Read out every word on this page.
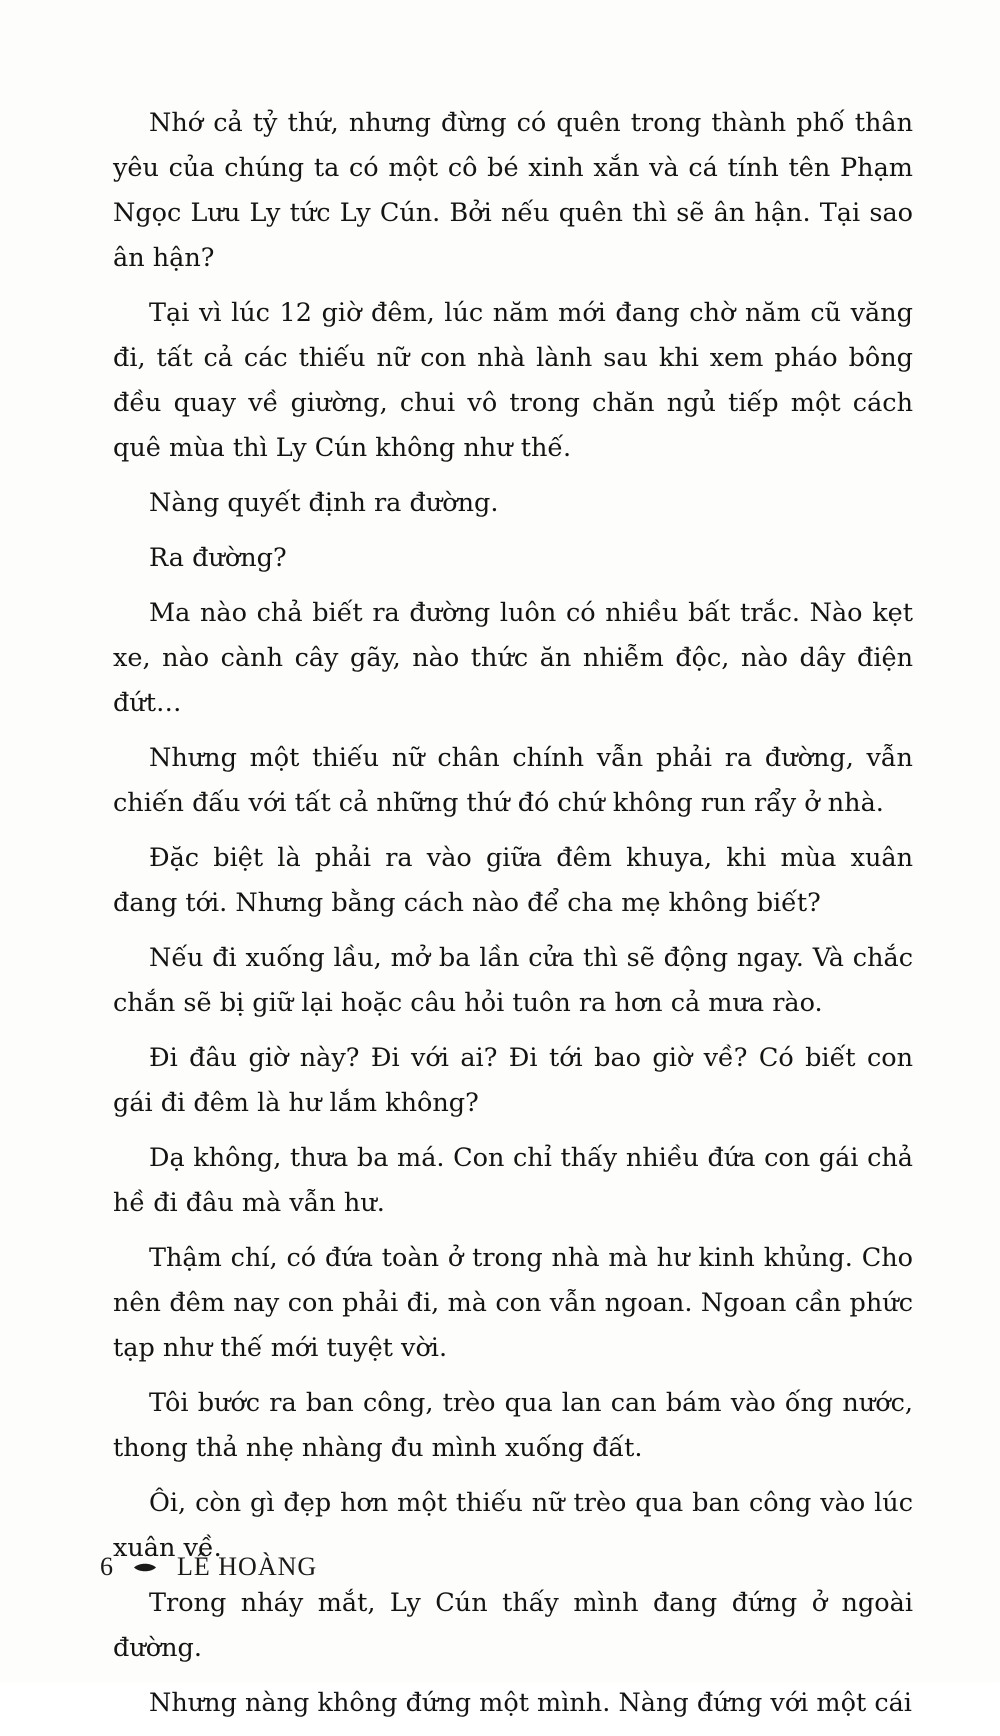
Nhớ cả tỷ thứ, nhưng đừng có quên trong thành phố thân yêu của chúng ta có một cô bé xinh xắn và cá tính tên Phạm Ngọc Lưu Ly tức Ly Cún. Bởi nếu quên thì sẽ ân hận. Tại sao ân hận?

Tại vì lúc 12 giờ đêm, lúc năm mới đang chờ năm cũ văng đi, tất cả các thiếu nữ con nhà lành sau khi xem pháo bông đều quay về giường, chui vô trong chăn ngủ tiếp một cách quê mùa thì Ly Cún không như thế.

Nàng quyết định ra đường.

Ra đường?

Ma nào chả biết ra đường luôn có nhiều bất trắc. Nào kẹt xe, nào cành cây gãy, nào thức ăn nhiễm độc, nào dây điện đứt…

Nhưng một thiếu nữ chân chính vẫn phải ra đường, vẫn chiến đấu với tất cả những thứ đó chứ không run rẩy ở nhà.

Đặc biệt là phải ra vào giữa đêm khuya, khi mùa xuân đang tới. Nhưng bằng cách nào để cha mẹ không biết?

Nếu đi xuống lầu, mở ba lần cửa thì sẽ động ngay. Và chắc chắn sẽ bị giữ lại hoặc câu hỏi tuôn ra hơn cả mưa rào.

Đi đâu giờ này? Đi với ai? Đi tới bao giờ về? Có biết con gái đi đêm là hư lắm không?

Dạ không, thưa ba má. Con chỉ thấy nhiều đứa con gái chả hề đi đâu mà vẫn hư.

Thậm chí, có đứa toàn ở trong nhà mà hư kinh khủng. Cho nên đêm nay con phải đi, mà con vẫn ngoan. Ngoan cần phức tạp như thế mới tuyệt vời.

Tôi bước ra ban công, trèo qua lan can bám vào ống nước, thong thả nhẹ nhàng đu mình xuống đất.

Ôi, còn gì đẹp hơn một thiếu nữ trèo qua ban công vào lúc xuân về.

Trong nháy mắt, Ly Cún thấy mình đang đứng ở ngoài đường.

Nhưng nàng không đứng một mình. Nàng đứng với một cái

6 LÊ HOÀNG
